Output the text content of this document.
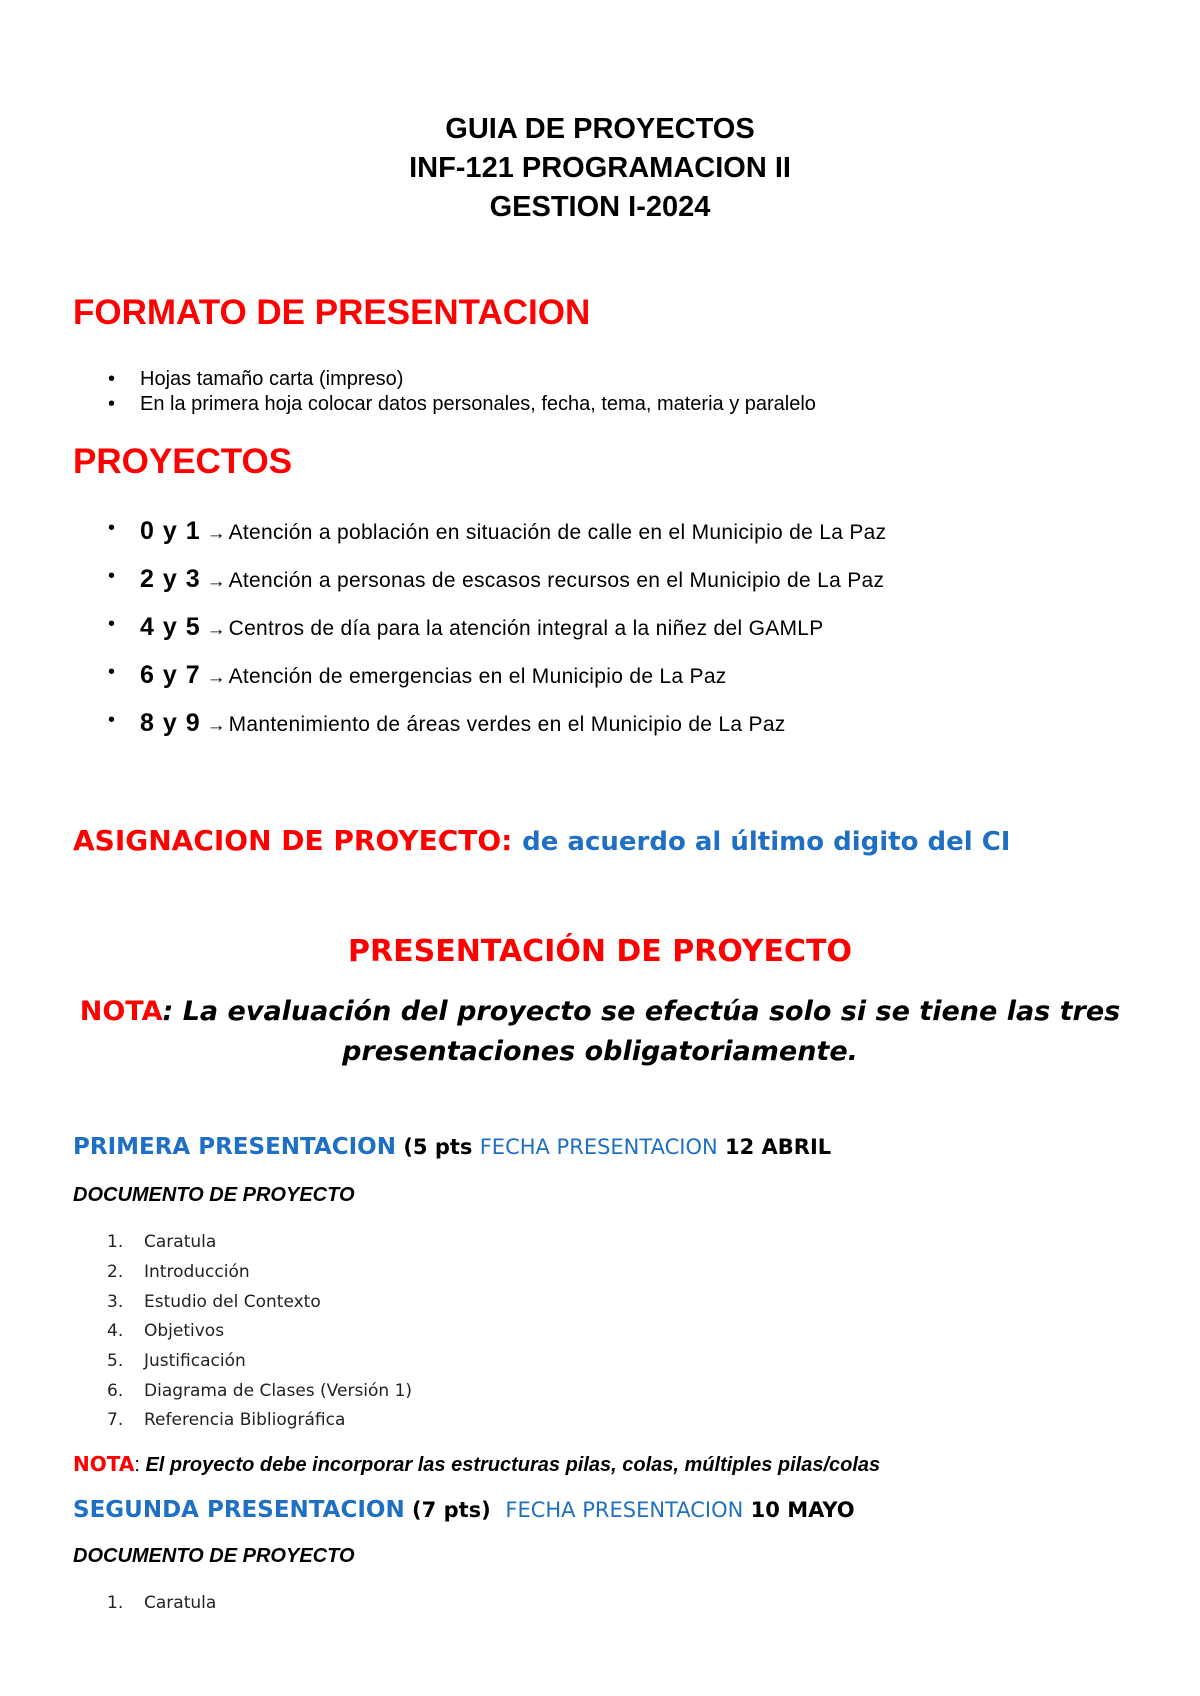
GUIA DE PROYECTOS
INF-121 PROGRAMACION II
GESTION I-2024
FORMATO DE PRESENTACION
• Hojas tamaño carta (impreso)
• En la primera hoja colocar datos personales, fecha, tema, materia y paralelo
PROYECTOS
• 0 y 1 → Atención a población en situación de calle en el Municipio de La Paz
• 2 y 3 → Atención a personas de escasos recursos en el Municipio de La Paz
• 4 y 5 → Centros de día para la atención integral a la niñez del GAMLP
• 6 y 7 → Atención de emergencias en el Municipio de La Paz
• 8 y 9 → Mantenimiento de áreas verdes en el Municipio de La Paz
ASIGNACION DE PROYECTO: de acuerdo al último digito del CI
PRESENTACIÓN DE PROYECTO
NOTA: La evaluación del proyecto se efectúa solo si se tiene las tres
presentaciones obligatoriamente.
PRIMERA PRESENTACION (5 pts FECHA PRESENTACION 12 ABRIL
DOCUMENTO DE PROYECTO
1. Caratula
2. Introducción
3. Estudio del Contexto
4. Objetivos
5. Justificación
6. Diagrama de Clases (Versión 1)
7. Referencia Bibliográfica
NOTA: El proyecto debe incorporar las estructuras pilas, colas, múltiples pilas/colas
SEGUNDA PRESENTACION (7 pts) FECHA PRESENTACION 10 MAYO
DOCUMENTO DE PROYECTO
1. Caratula
